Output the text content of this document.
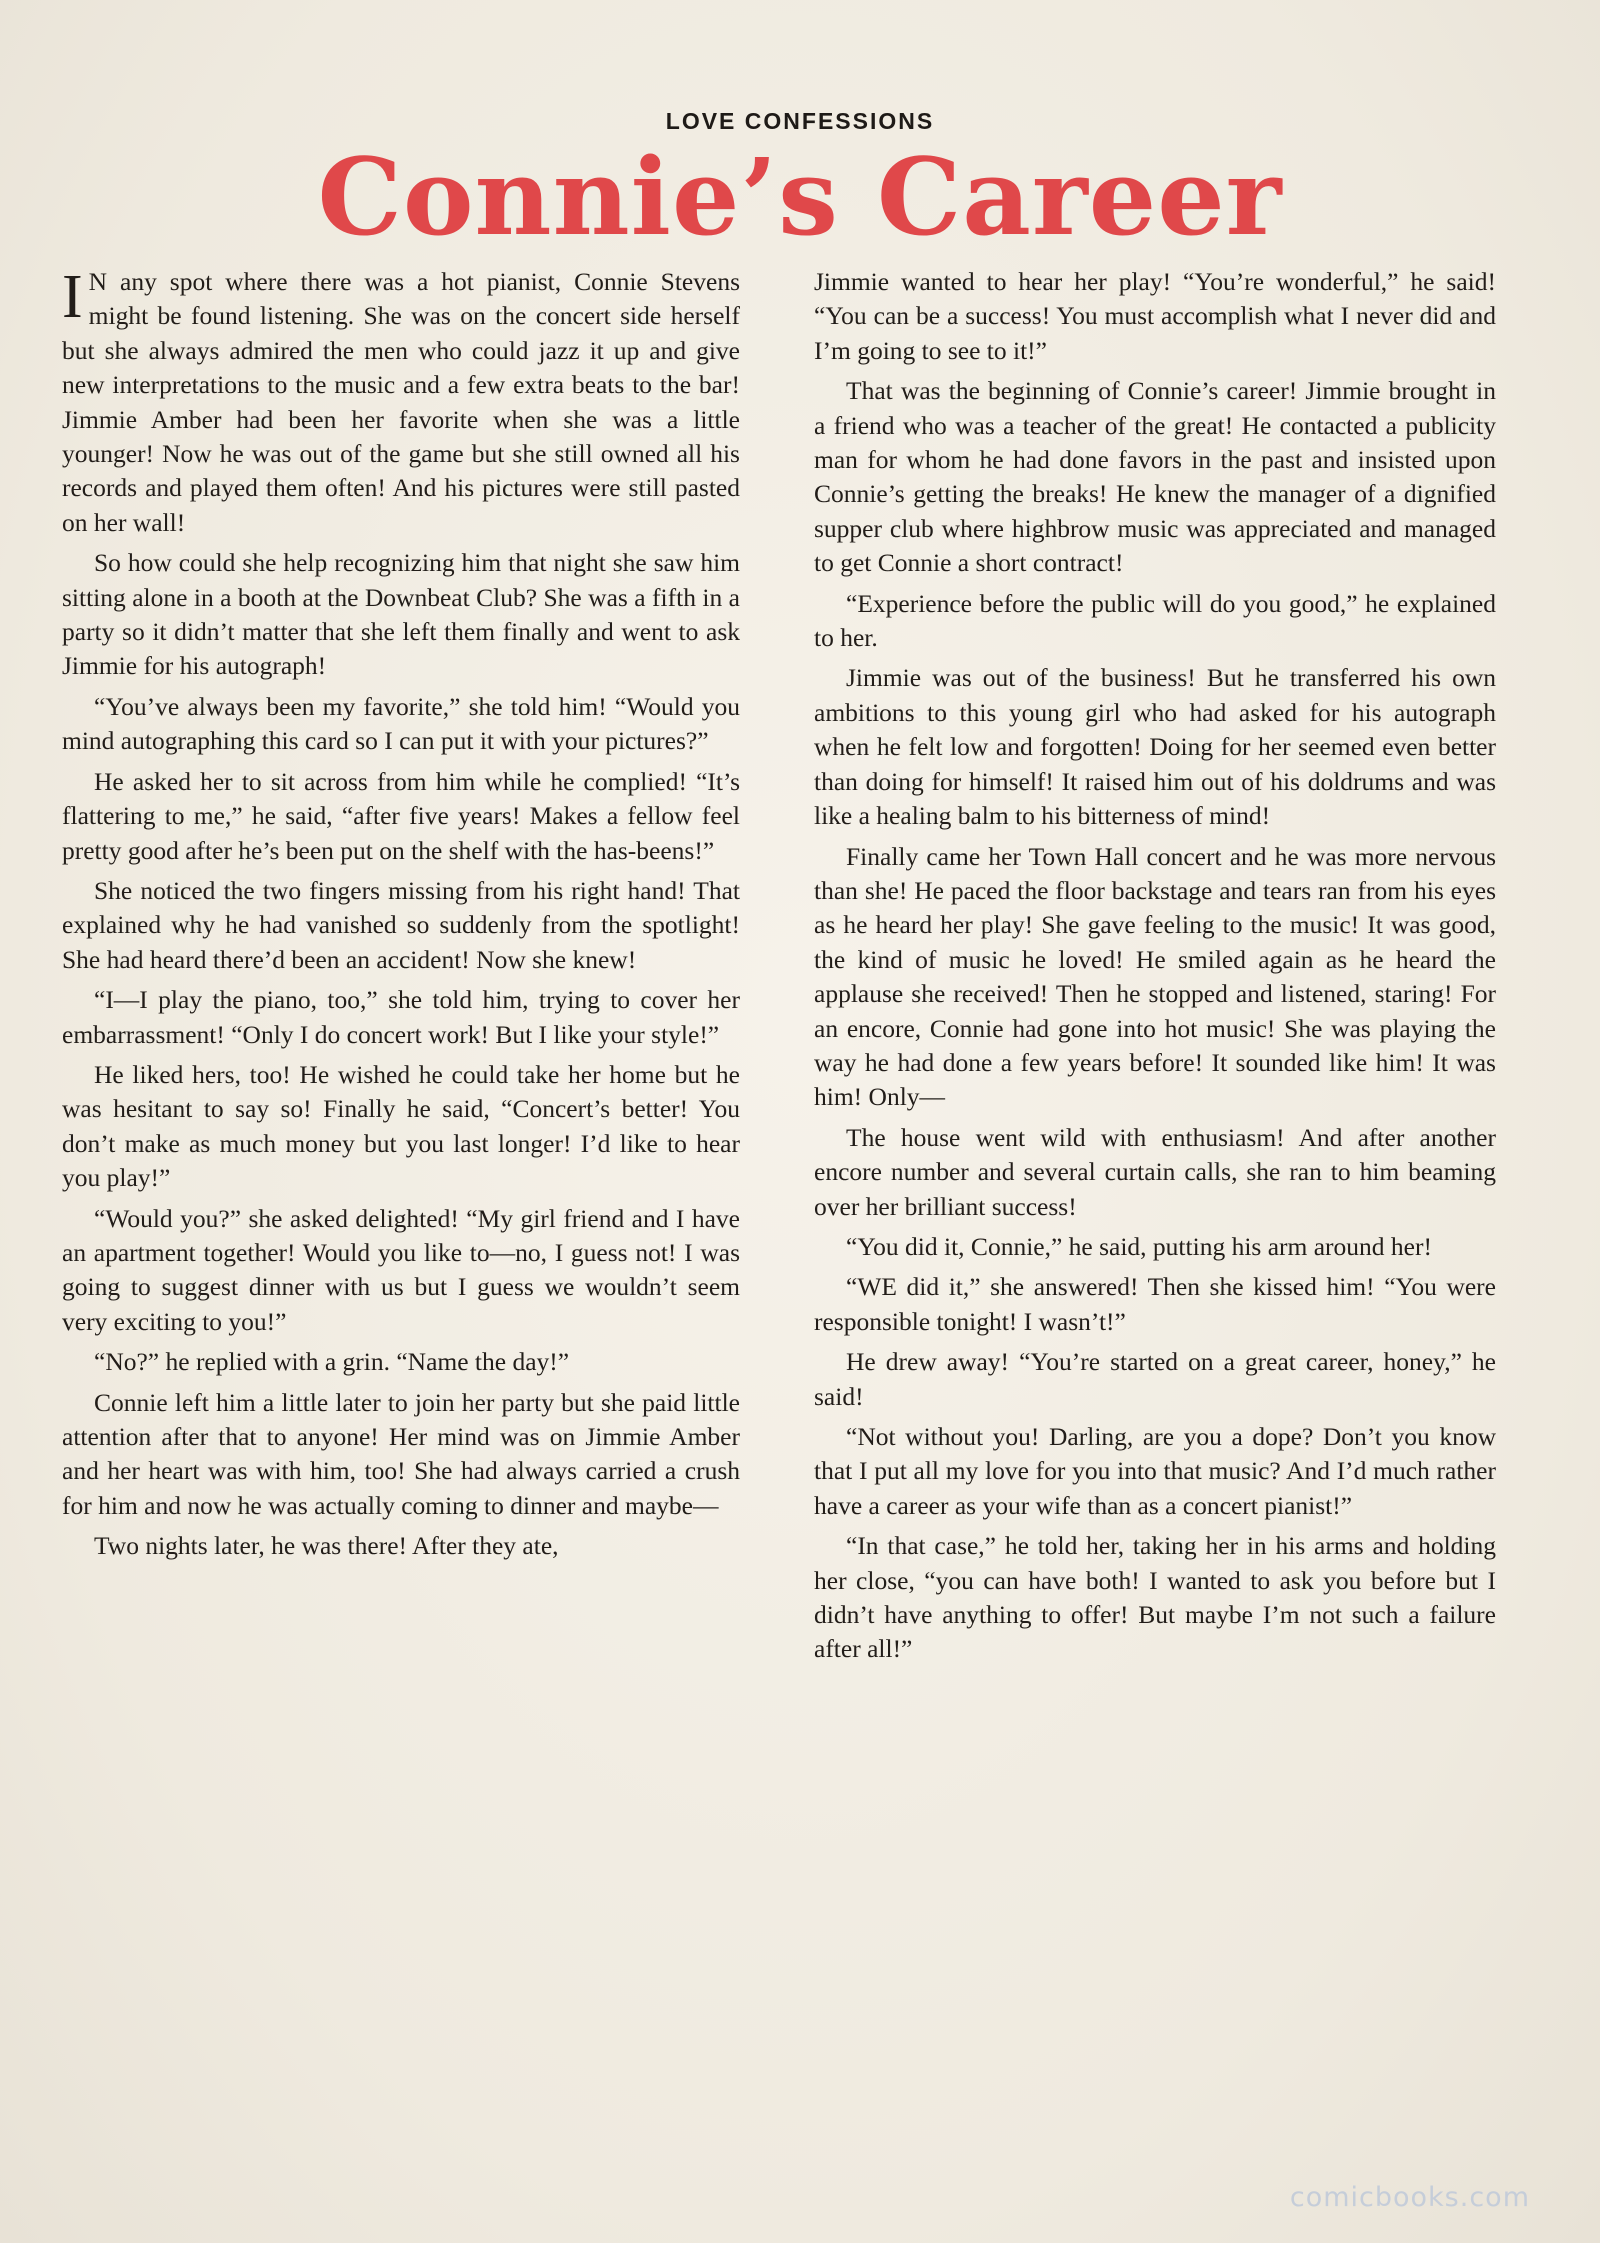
LOVE CONFESSIONS
Connie’s Career

I N any spot where there was a hot pianist, Connie Stevens might be found listening. She was on the concert side herself but she always admired the men who could jazz it up and give new interpretations to the music and a few extra beats to the bar! Jimmie Amber had been her favorite when she was a little younger! Now he was out of the game but she still owned all his records and played them often! And his pictures were still pasted on her wall!

So how could she help recognizing him that night she saw him sitting alone in a booth at the Downbeat Club? She was a fifth in a party so it didn’t matter that she left them finally and went to ask Jimmie for his autograph!

“You’ve always been my favorite,” she told him! “Would you mind autographing this card so I can put it with your pictures?”

He asked her to sit across from him while he complied! “It’s flattering to me,” he said, “after five years! Makes a fellow feel pretty good after he’s been put on the shelf with the has-beens!”

She noticed the two fingers missing from his right hand! That explained why he had vanished so suddenly from the spotlight! She had heard there’d been an accident! Now she knew!

“I—I play the piano, too,” she told him, trying to cover her embarrassment! “Only I do concert work! But I like your style!”

He liked hers, too! He wished he could take her home but he was hesitant to say so! Finally he said, “Concert’s better! You don’t make as much money but you last longer! I’d like to hear you play!”

“Would you?” she asked delighted! “My girl friend and I have an apartment together! Would you like to—no, I guess not! I was going to suggest dinner with us but I guess we wouldn’t seem very exciting to you!”

“No?” he replied with a grin. “Name the day!”

Connie left him a little later to join her party but she paid little attention after that to anyone! Her mind was on Jimmie Amber and her heart was with him, too! She had always carried a crush for him and now he was actually coming to dinner and maybe—

Two nights later, he was there! After they ate,

Jimmie wanted to hear her play! “You’re wonderful,” he said! “You can be a success! You must accomplish what I never did and I’m going to see to it!”

That was the beginning of Connie’s career! Jimmie brought in a friend who was a teacher of the great! He contacted a publicity man for whom he had done favors in the past and insisted upon Connie’s getting the breaks! He knew the manager of a dignified supper club where highbrow music was appreciated and managed to get Connie a short contract!

“Experience before the public will do you good,” he explained to her.

Jimmie was out of the business! But he transferred his own ambitions to this young girl who had asked for his autograph when he felt low and forgotten! Doing for her seemed even better than doing for himself! It raised him out of his doldrums and was like a healing balm to his bitterness of mind!

Finally came her Town Hall concert and he was more nervous than she! He paced the floor backstage and tears ran from his eyes as he heard her play! She gave feeling to the music! It was good, the kind of music he loved! He smiled again as he heard the applause she received! Then he stopped and listened, staring! For an encore, Connie had gone into hot music! She was playing the way he had done a few years before! It sounded like him! It was him! Only—

The house went wild with enthusiasm! And after another encore number and several curtain calls, she ran to him beaming over her brilliant success!

“You did it, Connie,” he said, putting his arm around her!

“WE did it,” she answered! Then she kissed him! “You were responsible tonight! I wasn’t!”

He drew away! “You’re started on a great career, honey,” he said!

“Not without you! Darling, are you a dope? Don’t you know that I put all my love for you into that music? And I’d much rather have a career as your wife than as a concert pianist!”

“In that case,” he told her, taking her in his arms and holding her close, “you can have both! I wanted to ask you before but I didn’t have anything to offer! But maybe I’m not such a failure after all!”

comicbooks.com
